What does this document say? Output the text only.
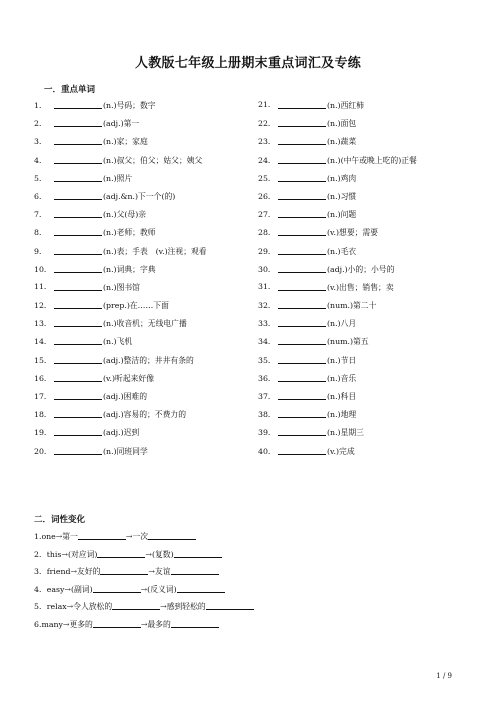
人教版七年级上册期末重点词汇及专练
一．重点单词
1．	(n.)号码；数字
2．	(adj.)第一
3．	(n.)家；家庭
4．	(n.)叔父；伯父；姑父；姨父
5．	(n.)照片
6．	(adj.&n.)下一个(的)
7．	(n.)父(母)亲
8．	(n.)老师；教师
9．	(n.)表；手表　(v.)注视；观看
10．	(n.)词典；字典
11.	(n.)图书馆
12．	(prep.)在……下面
13．	(n.)收音机；无线电广播
14．	(n.)飞机
15．	(adj.)整洁的；井井有条的
16．	(v.)听起来好像
17．	(adj.)困难的
18．	(adj.)容易的；不费力的
19．	(adj.)迟到
20．	(n.)同班同学
21.	(n.)西红柿
22．	(n.)面包
23．	(n.)蔬菜
24．	(n.)(中午或晚上吃的)正餐
25．	(n.)鸡肉
26．	(n.)习惯
27．	(n.)问题
28．	(v.)想要；需要
29．	(n.)毛衣
30．	(adj.)小的；小号的
31.	(v.)出售；销售；卖
32．	(num.)第二十
33．	(n.)八月
34．	(num.)第五
35．	(n.)节日
36．	(n.)音乐
37．	(n.)科目
38．	(n.)地理
39．	(n.)星期三
40．	(v.)完成
二．词性变化
1.one→第一	→一次
2．this→(对应词)	→(复数)
3．friend→友好的	→友谊
4．easy→(副词)	→(反义词)
5．relax→令人放松的	→感到轻松的
6.many→更多的	→最多的
1 / 9
